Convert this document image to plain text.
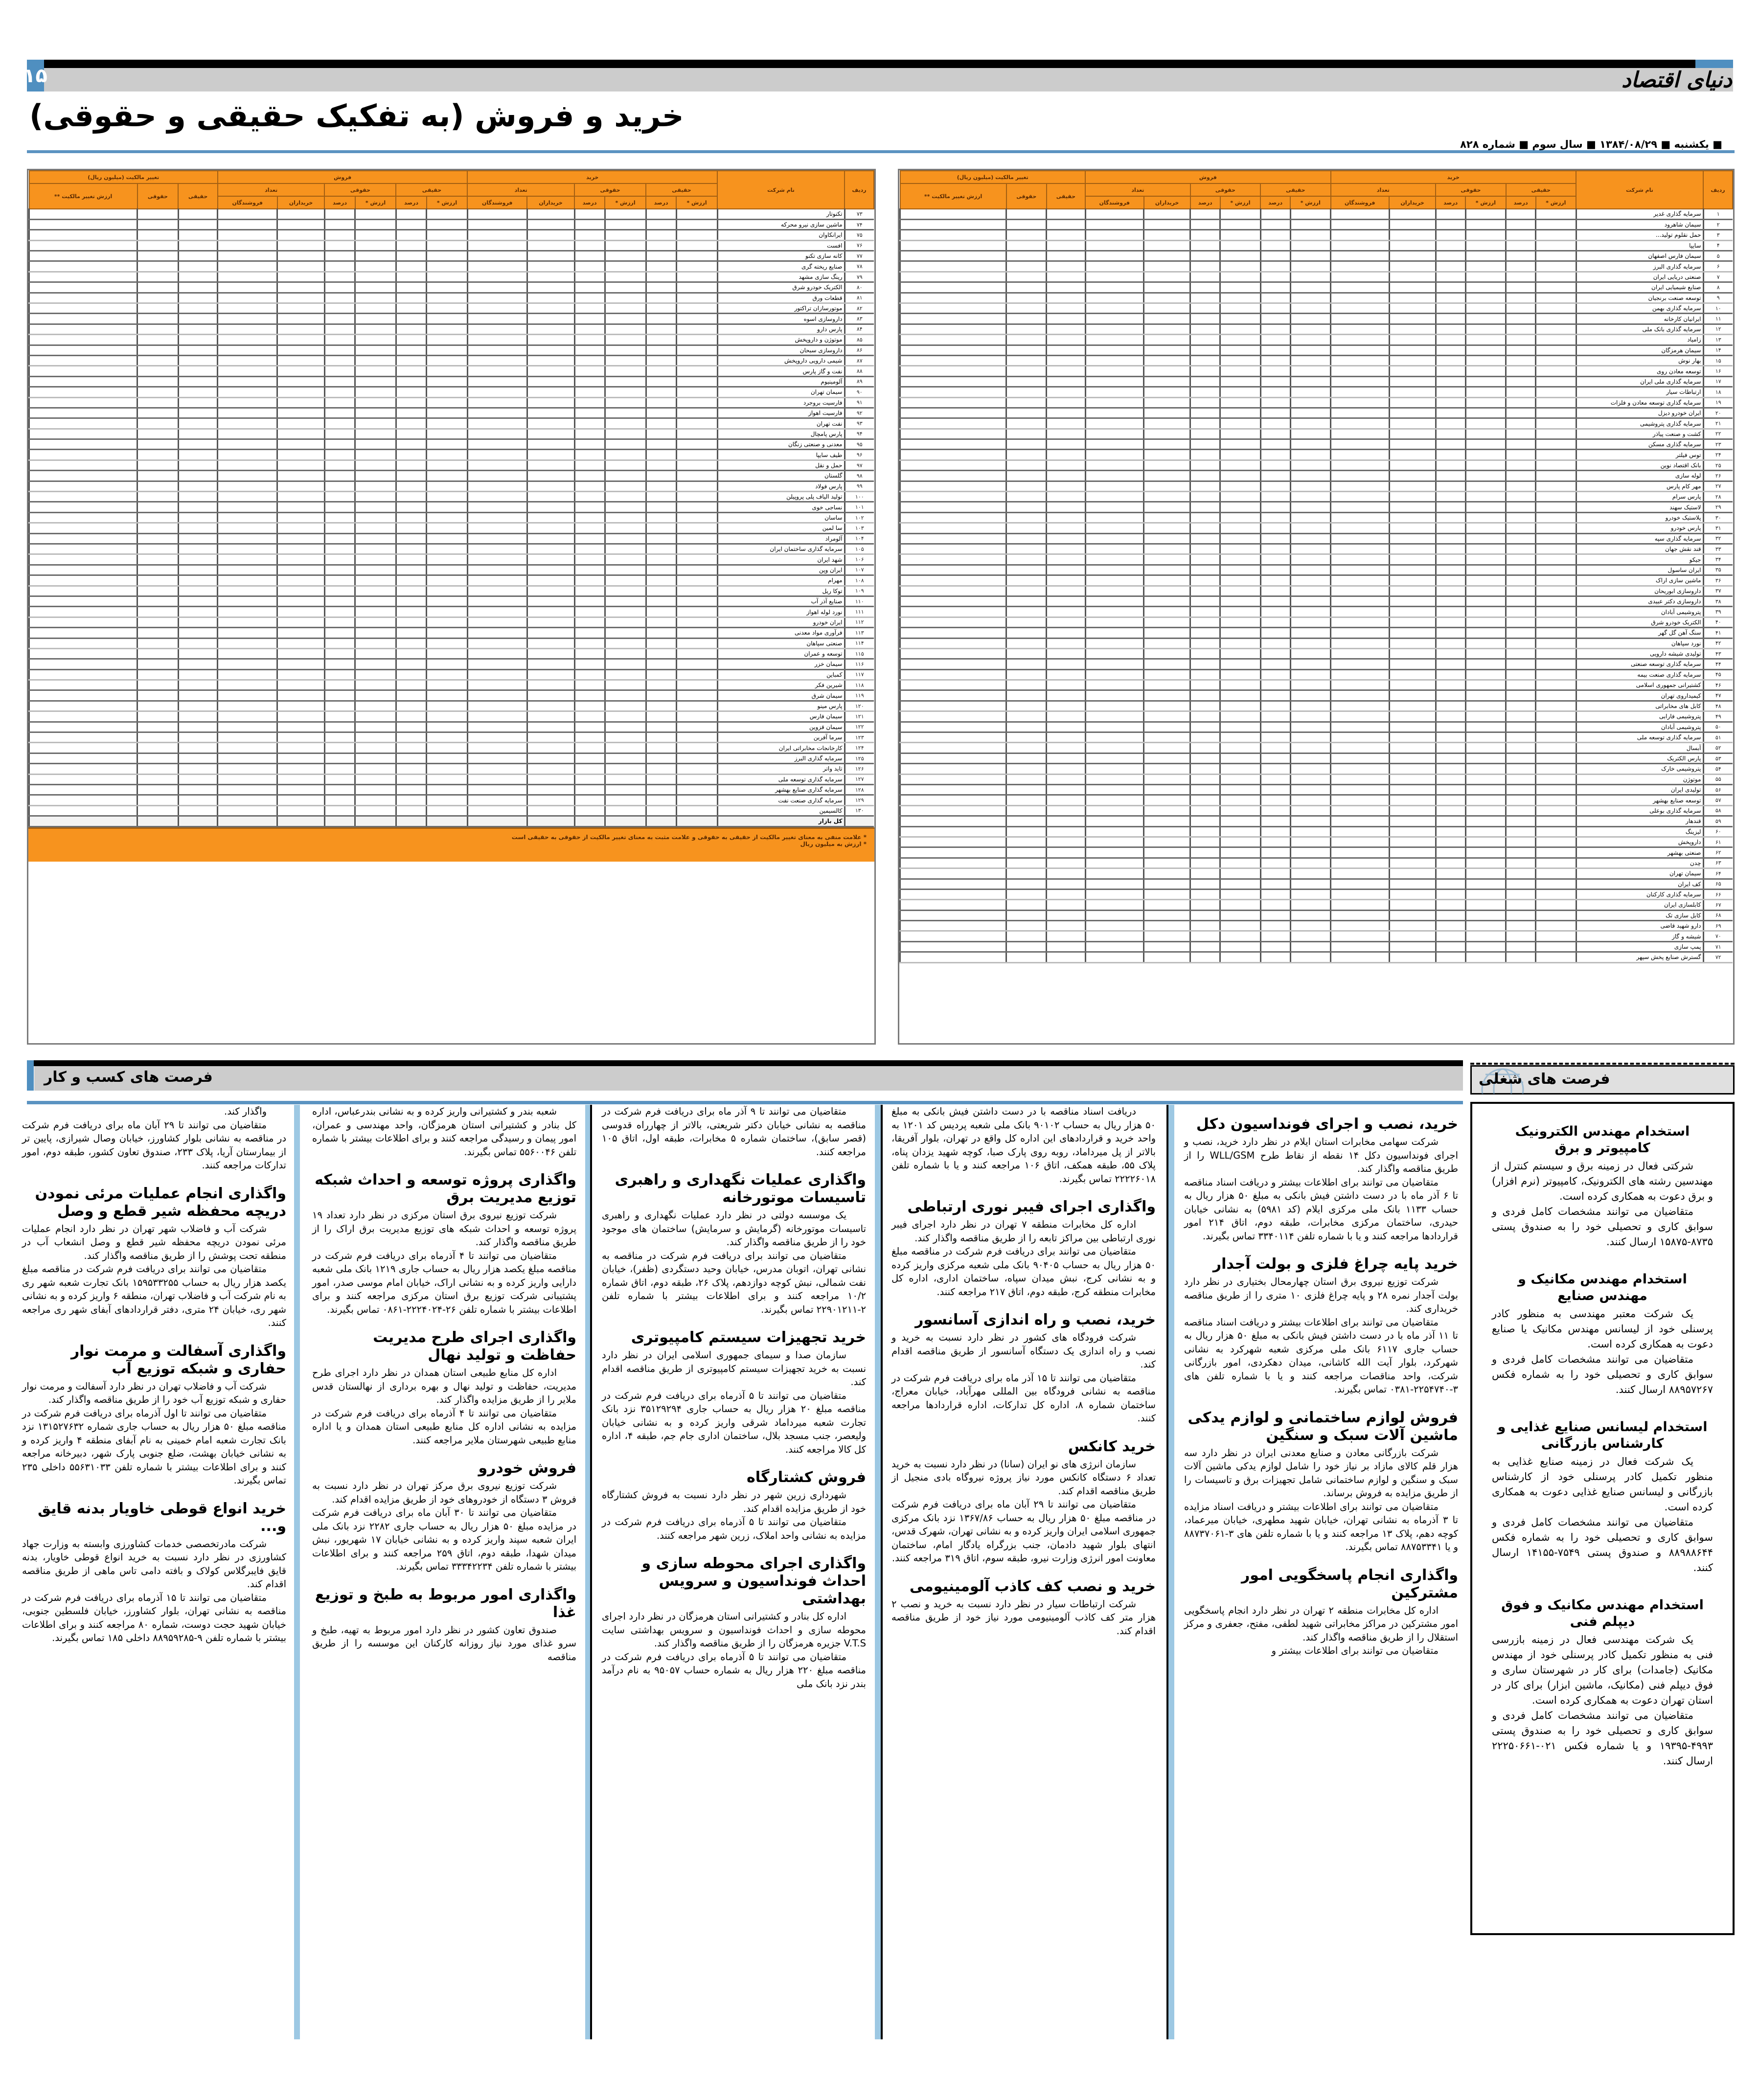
۱۵	دنیای اقتصاد
خرید و فروش (به تفکیک حقیقی و حقوقی)
■ یکشنبه ■ ۱۳۸۴/۰۸/۲۹ ■ سال سوم ■ شماره ۸۲۸
ردیف	نام شرکت	خرید						فروش						تغییر مالکیت (میلیون ریال)		
		حقیقی		حقوقی		تعداد		حقیقی		حقوقی		تعداد		حقیقی	حقوقی	ارزش تغییر مالکیت **
		ارزش *	درصد	ارزش *	درصد	خریداران	فروشندگان	ارزش *	درصد	ارزش *	درصد	خریداران	فروشندگان			
۱	سرمایه گذاری غدیر															
۲	سیمان شاهرود															
۳	حمل نقلوم تولید...															
۴	سایپا															
۵	سیمان فارس اصفهان															
۶	سرمایه گذاری البرز															
۷	صنعتی دریایی ایران															
۸	صنایع شیمیایی ایران															
۹	توسعه صنعت برنجیان															
۱۰	سرمایه گذاری بهمن															
۱۱	ایرانیان کارخانه															
۱۲	سرمایه گذاری بانک ملی															
۱۳	زامیاد															
۱۴	سیمان هرمزگان															
۱۵	بهار نوش															
۱۶	توسعه معادن روی															
۱۷	سرمایه گذاری ملی ایران															
۱۸	ارتباطات سیار															
۱۹	سرمایه گذاری توسعه معادن و فلزات															
۲۰	ایران خودرو دیزل															
۲۱	سرمایه گذاری پتروشیمی															
۲۲	کشت و صنعت پیاذر															
۲۳	سرمایه گذاری مسکن															
۲۴	توس فیلتر															
۲۵	بانک اقتصاد نوین															
۲۶	لوله سازی															
۲۷	مهر کام پارس															
۲۸	پارس سرام															
۲۹	لاستیک سهند															
۳۰	پلاستیک خودرو															
۳۱	پارس خودرو															
۳۲	سرمایه گذاری سپه															
۳۳	قند نقش جهان															
۳۴	جیکو															
۳۵	ایران ساسول															
۳۶	ماشین سازی اراک															
۳۷	داروسازی ابوریحان															
۳۸	داروسازی دکتر عبیدی															
۳۹	پتروشیمی آبادان															
۴۰	الکتریک خودرو شرق															
۴۱	سنگ آهن گل گهر															
۴۲	نورد سپاهان															
۴۳	تولیدی شیشه دارویی															
۴۴	سرمایه گذاری توسعه صنعتی															
۴۵	سرمایه گذاری صنعت بیمه															
۴۶	کشتیرانی جمهوری اسلامی															
۴۷	کیمیداروی تهران															
۴۸	کابل های مخابراتی															
۴۹	پتروشیمی فارابی															
۵۰	پتروشیمی آبادان															
۵۱	سرمایه گذاری توسعه ملی															
۵۲	آبسال															
۵۳	پارس الکتریک															
۵۴	پتروشیمی خارک															
۵۵	موتوژن															
۵۶	تولیدی ایران															
۵۷	توسعه صنایع بهشهر															
۵۸	سرمایه گذاری بوعلی															
۵۹	قندهار															
۶۰	لیزینگ															
۶۱	داروپخش															
۶۲	صنعتی بهشهر															
۶۳	چدن															
۶۴	سیمان تهران															
۶۵	کف ایران															
۶۶	سرمایه گذاری کارکنان															
۶۷	کابلسازی ایران															
۶۸	کابل سازی تک															
۶۹	دارو شهید قاضی															
۷۰	شیشه و گاز															
۷۱	پمپ سازی															
۷۲	گسترش صنایع پخش سپهر															
ردیف	نام شرکت	خرید						فروش						تغییر مالکیت (میلیون ریال)		
		حقیقی		حقوقی		تعداد		حقیقی		حقوقی		تعداد		حقیقی	حقوقی	ارزش تغییر مالکیت **
		ارزش *	درصد	ارزش *	درصد	خریداران	فروشندگان	ارزش *	درصد	ارزش *	درصد	خریداران	فروشندگان			
۷۳	تکنوتار															
۷۴	ماشین سازی نیرو محرکه															
۷۵	ایرانکاوان															
۷۶	افست															
۷۷	کانه سازی تکنو															
۷۸	صنایع ریخته گری															
۷۹	رینگ سازی مشهد															
۸۰	الکتریک خودرو شرق															
۸۱	قطعات ورق															
۸۲	موتورسازان تراکتور															
۸۳	داروسازی اسوه															
۸۴	پارس دارو															
۸۵	موتوژن و داروپخش															
۸۶	داروسازی سبحان															
۸۷	شیمی دارویی داروپخش															
۸۸	نفت و گاز پارس															
۸۹	آلومینیوم															
۹۰	سیمان تهران															
۹۱	فارسیت بروجرد															
۹۲	فارسیت اهواز															
۹۳	نفت تهران															
۹۴	پارس پامچال															
۹۵	معدنی و صنعتی زنگان															
۹۶	طیف سایپا															
۹۷	حمل و نقل															
۹۸	گلستان															
۹۹	پارس فولاد															
۱۰۰	تولید الیاف پلی پروپیلن															
۱۰۱	نساجی خوی															
۱۰۲	ساسان															
۱۰۳	سا لمین															
۱۰۴	آلومراد															
۱۰۵	سرمایه گذاری ساختمان ایران															
۱۰۶	شهد ایران															
۱۰۷	ایران وپن															
۱۰۸	مهرام															
۱۰۹	توکا ریل															
۱۱۰	صنایع آذر آب															
۱۱۱	نورد لوله اهواز															
۱۱۲	ایران خودرو															
۱۱۳	فرآوری مواد معدنی															
۱۱۴	صنعتی سپاهان															
۱۱۵	توسعه و عمران															
۱۱۶	سیمان خزر															
۱۱۷	کمباین															
۱۱۸	شیرین فکر															
۱۱۹	سیمان شرق															
۱۲۰	پارس مینو															
۱۲۱	سیمان فارس															
۱۲۲	سیمان قزوین															
۱۲۳	سرما آفرین															
۱۲۴	کارخانجات مخابراتی ایران															
۱۲۵	سرمایه گذاری البرز															
۱۲۶	تاید واتر															
۱۲۷	سرمایه گذاری توسعه ملی															
۱۲۸	سرمایه گذاری صنایع بهشهر															
۱۲۹	سرمایه گذاری صنعت نفت															
۱۳۰	کالسیمین															
	کل بازار															
* علامت منفی به معنای تغییر مالکیت از حقیقی به حقوقی و علامت مثبت به معنای تغییر مالکیت از حقوقی به حقیقی است
* ارزش به میلیون ریال
فرصت های کسب و کار	فرصت های شغلی
استخدام مهندس الکترونیک کامپیوتر و برق

شرکتی فعال در زمینه برق و سیستم کنترل از مهندسین رشته های الکترونیک، کامپیوتر (نرم افزار) و برق دعوت به همکاری کرده است.

متقاضیان می توانند مشخصات کامل فردی و سوابق کاری و تحصیلی خود را به صندوق پستی ۸۷۳۵-۱۵۸۷۵ ارسال کنند.

استخدام مهندس مکانیک و مهندس صنایع

یک شرکت معتبر مهندسی به منظور کادر پرسنلی خود از لیسانس مهندس مکانیک یا صنایع دعوت به همکاری کرده است.

متقاضیان می توانند مشخصات کامل فردی و سوابق کاری و تحصیلی خود را به شماره فکس ۸۸۹۵۷۲۶۷ ارسال کنند.

استخدام لیسانس صنایع غذایی و کارشناس بازرگانی

یک شرکت فعال در زمینه صنایع غذایی به منظور تکمیل کادر پرسنلی خود از کارشناس بازرگانی و لیسانس صنایع غذایی دعوت به همکاری کرده است.

متقاضیان می توانند مشخصات کامل فردی و سوابق کاری و تحصیلی خود را به شماره فکس ۸۸۹۸۸۶۴۴ و صندوق پستی ۷۵۴۹-۱۴۱۵۵ ارسال کنند.

استخدام مهندس مکانیک و فوق دیپلم فنی

یک شرکت مهندسی فعال در زمینه بازرسی فنی به منظور تکمیل کادر پرسنلی خود از مهندس مکانیک (جامدات) برای کار در شهرستان ساری و فوق دیپلم فنی (مکانیک، ماشین ابزار) برای کار در استان تهران دعوت به همکاری کرده است.

متقاضیان می توانند مشخصات کامل فردی و سوابق کاری و تحصیلی خود را به صندوق پستی ۴۹۹۳-۱۹۳۹۵ و یا شماره فکس ۰۲۱-۲۲۲۵۰۶۶۱ ارسال کنند.

خرید، نصب و اجرای فونداسیون دکل

شرکت سهامی مخابرات استان ایلام در نظر دارد خرید، نصب و اجرای فونداسیون دکل ۱۴ نقطه از نقاط طرح WLL/GSM را از طریق مناقصه واگذار کند.

متقاضیان می توانند برای اطلاعات بیشتر و دریافت اسناد مناقصه تا ۶ آذر ماه با در دست داشتن فیش بانکی به مبلغ ۵۰ هزار ریال به حساب ۱۱۳۳ بانک ملی مرکزی ایلام (کد ۵۹۸۱) به نشانی خیابان حیدری، ساختمان مرکزی مخابرات، طبقه دوم، اتاق ۲۱۴ امور قراردادها مراجعه کنند و یا با شماره تلفن ۳۳۴۰۱۱۴ تماس بگیرند.

خرید پایه چراغ فلزی و بولت آجدار

شرکت توزیع نیروی برق استان چهارمحال بختیاری در نظر دارد بولت آجدار نمره ۲۸ و پایه چراغ فلزی ۱۰ متری را از طریق مناقصه خریداری کند.

متقاضیان می توانند برای اطلاعات بیشتر و دریافت اسناد مناقصه تا ۱۱ آذر ماه با در دست داشتن فیش بانکی به مبلغ ۵۰ هزار ریال به حساب جاری ۶۱۱۷ بانک ملی مرکزی شعبه شهرکرد به نشانی شهرکرد، بلوار آیت الله کاشانی، میدان دهکردی، امور بازرگانی شرکت، واحد مناقصات مراجعه کنند و یا با شماره تلفن های ۳-۲۲۵۴۷۴۰-۰۳۸۱ تماس بگیرند.

فروش لوازم ساختمانی و لوازم یدکی ماشین آلات سبک و سنگین

شرکت بازرگانی معادن و صنایع معدنی ایران در نظر دارد سه هزار قلم کالای مازاد بر نیاز خود را شامل لوازم یدکی ماشین آلات سبک و سنگین و لوازم ساختمانی شامل تجهیزات برق و تاسیسات را از طریق مزایده به فروش برساند.

متقاضیان می توانند برای اطلاعات بیشتر و دریافت اسناد مزایده تا ۳ آذرماه به نشانی تهران، خیابان شهید مطهری، خیابان میرعماد، کوچه دهم، پلاک ۱۳ مراجعه کنند و یا با شماره تلفن های ۳-۸۸۷۳۷۰۶۱ و یا ۸۸۷۵۳۳۴۱ تماس بگیرند.

واگذاری انجام پاسخگویی امور مشترکین

اداره کل مخابرات منطقه ۲ تهران در نظر دارد انجام پاسخگویی امور مشترکین در مراکز مخابراتی شهید لطفی، مفتح، جعفری و مرکز استقلال را از طریق مناقصه واگذار کند.

متقاضیان می توانند برای اطلاعات بیشتر و

دریافت اسناد مناقصه با در دست داشتن فیش بانکی به مبلغ ۵۰ هزار ریال به حساب ۹۰۱۰۲ بانک ملی شعبه پردیس کد ۱۲۰۱ به واحد خرید و قراردادهای این اداره کل واقع در تهران، بلوار آفریقا، بالاتر از پل میرداماد، روبه روی پارک صبا، کوچه شهید یزدان پناه، پلاک ۵۵، طبقه همکف، اتاق ۱۰۶ مراجعه کنند و یا با شماره تلفن ۲۲۲۲۶۰۱۸ تماس بگیرند.

واگذاری اجرای فیبر نوری ارتباطی

اداره کل مخابرات منطقه ۷ تهران در نظر دارد اجرای فیبر نوری ارتباطی بین مراکز تابعه را از طریق مناقصه واگذار کند.

متقاضیان می توانند برای دریافت فرم شرکت در مناقصه مبلغ ۵۰ هزار ریال به حساب ۹۰۴۰۵ بانک ملی شعبه مرکزی واریز کرده و به نشانی کرج، نبش میدان سپاه، ساختمان اداری، اداره کل مخابرات منطقه کرج، طبقه دوم، اتاق ۲۱۷ مراجعه کنند.

خرید، نصب و راه اندازی آسانسور

شرکت فرودگاه های کشور در نظر دارد نسبت به خرید و نصب و راه اندازی یک دستگاه آسانسور از طریق مناقصه اقدام کند.

متقاضیان می توانند تا ۱۵ آذر ماه برای دریافت فرم شرکت در مناقصه به نشانی فرودگاه بین المللی مهرآباد، خیابان معراج، ساختمان شماره ۸، اداره کل تدارکات، اداره قراردادها مراجعه کنند.

خرید کانکس

سازمان انرژی های نو ایران (سانا) در نظر دارد نسبت به خرید تعداد ۶ دستگاه کانکس مورد نیاز پروژه نیروگاه بادی منجیل از طریق مناقصه اقدام کند.

متقاضیان می توانند تا ۲۹ آبان ماه برای دریافت فرم شرکت در مناقصه مبلغ ۵۰ هزار ریال به حساب ۱۳۶۷/۸۶ نزد بانک مرکزی جمهوری اسلامی ایران واریز کرده و به نشانی تهران، شهرک قدس، انتهای بلوار شهید دادمان، جنب بزرگراه یادگار امام، ساختمان معاونت امور انرژی وزارت نیرو، طبقه سوم، اتاق ۳۱۹ مراجعه کنند.

خرید و نصب کف کاذب آلومینیومی

شرکت ارتباطات سیار در نظر دارد نسبت به خرید و نصب ۲ هزار متر کف کاذب آلومینیومی مورد نیاز خود از طریق مناقصه اقدام کند.

متقاضیان می توانند تا ۹ آذر ماه برای دریافت فرم شرکت در مناقصه به نشانی خیابان دکتر شریعتی، بالاتر از چهارراه قدوسی (قصر سابق)، ساختمان شماره ۵ مخابرات، طبقه اول، اتاق ۱۰۵ مراجعه کنند.

واگذاری عملیات نگهداری و راهبری تاسیسات موتورخانه

یک موسسه دولتی در نظر دارد عملیات نگهداری و راهبری تاسیسات موتورخانه (گرمایش و سرمایش) ساختمان های موجود خود را از طریق مناقصه واگذار کند.

متقاضیان می توانند برای دریافت فرم شرکت در مناقصه به نشانی تهران، اتوبان مدرس، خیابان وحید دستگردی (ظفر)، خیابان نفت شمالی، نبش کوچه دوازدهم، پلاک ۲۶، طبقه دوم، اتاق شماره ۱۰/۲ مراجعه کنند و برای اطلاعات بیشتر با شماره تلفن ۲-۲۲۹۰۱۲۱۱ تماس بگیرند.

خرید تجهیزات سیستم کامپیوتری

سازمان صدا و سیمای جمهوری اسلامی ایران در نظر دارد نسبت به خرید تجهیزات سیستم کامپیوتری از طریق مناقصه اقدام کند.

متقاضیان می توانند تا ۵ آذرماه برای دریافت فرم شرکت در مناقصه مبلغ ۲۰ هزار ریال به حساب جاری ۳۵۱۲۹۲۹۴ نزد بانک تجارت شعبه میرداماد شرقی واریز کرده و به نشانی خیابان ولیعصر، جنب مسجد بلال، ساختمان اداری جام جم، طبقه ۴، اداره کل کالا مراجعه کنند.

فروش کشتارگاه

شهرداری زرین شهر در نظر دارد نسبت به فروش کشتارگاه خود از طریق مزایده اقدام کند.

متقاضیان می توانند تا ۵ آذرماه برای دریافت فرم شرکت در مزایده به نشانی واحد املاک، زرین شهر مراجعه کنند.

واگذاری اجرای محوطه سازی و احداث فونداسیون و سرویس بهداشتی

اداره کل بنادر و کشتیرانی استان هرمزگان در نظر دارد اجرای محوطه سازی و احداث فونداسیون و سرویس بهداشتی سایت V.T.S جزیره هرمزگان را از طریق مناقصه واگذار کند.

متقاضیان می توانند تا ۵ آذرماه برای دریافت فرم شرکت در مناقصه مبلغ ۲۲۰ هزار ریال به شماره حساب ۹۵۰۵۷ به نام درآمد بندر نزد بانک ملی

شعبه بندر و کشتیرانی واریز کرده و به نشانی بندرعباس، اداره کل بنادر و کشتیرانی استان هرمزگان، واحد مهندسی و عمران، امور پیمان و رسیدگی مراجعه کنند و برای اطلاعات بیشتر با شماره تلفن ۵۵۶۰۰۴۶ تماس بگیرند.

واگذاری پروژه توسعه و احداث شبکه توزیع مدیریت برق

شرکت توزیع نیروی برق استان مرکزی در نظر دارد تعداد ۱۹ پروژه توسعه و احداث شبکه های توزیع مدیریت برق اراک را از طریق مناقصه واگذار کند.

متقاضیان می توانند تا ۴ آذرماه برای دریافت فرم شرکت در مناقصه مبلغ یکصد هزار ریال به حساب جاری ۱۲۱۹ بانک ملی شعبه دارایی واریز کرده و به نشانی اراک، خیابان امام موسی صدر، امور پشتیبانی شرکت توزیع برق استان مرکزی مراجعه کنند و برای اطلاعات بیشتر با شماره تلفن ۲۶-۲۲۲۴۰۲۴-۰۸۶۱ تماس بگیرند.

واگذاری اجرای طرح مدیریت حفاظت و تولید نهال

اداره کل منابع طبیعی استان همدان در نظر دارد اجرای طرح مدیریت، حفاظت و تولید نهال و بهره برداری از نهالستان قدس ملایر را از طریق مزایده واگذار کند.

متقاضیان می توانند تا ۴ آذرماه برای دریافت فرم شرکت در مزایده به نشانی اداره کل منابع طبیعی استان همدان و یا اداره منابع طبیعی شهرستان ملایر مراجعه کنند.

فروش خودرو

شرکت توزیع نیروی برق مرکز تهران در نظر دارد نسبت به فروش ۳ دستگاه از خودروهای خود از طریق مزایده اقدام کند.

متقاضیان می توانند تا ۳۰ آبان ماه برای دریافت فرم شرکت در مزایده مبلغ ۵۰ هزار ریال به حساب جاری ۲۲۸۲ نزد بانک ملی ایران شعبه سپند واریز کرده و به نشانی خیابان ۱۷ شهریور، نبش میدان شهدا، طبقه دوم، اتاق ۲۵۹ مراجعه کنند و برای اطلاعات بیشتر با شماره تلفن ۳۳۳۴۲۲۳۴ تماس بگیرند.

واگذاری امور مربوط به طبخ و توزیع غذا

صندوق تعاون کشور در نظر دارد امور مربوط به تهیه، طبخ و سرو غذای مورد نیاز روزانه کارکنان این موسسه را از طریق مناقصه

واگذار کند.

متقاضیان می توانند تا ۲۹ آبان ماه برای دریافت فرم شرکت در مناقصه به نشانی بلوار کشاورز، خیابان وصال شیرازی، پایین تر از بیمارستان آریا، پلاک ۲۳۳، صندوق تعاون کشور، طبقه دوم، امور تدارکات مراجعه کنند.

واگذاری انجام عملیات مرئی نمودن دریچه محفظه شیر قطع و وصل

شرکت آب و فاضلاب شهر تهران در نظر دارد انجام عملیات مرئی نمودن دریچه محفظه شیر قطع و وصل انشعاب آب در منطقه تحت پوشش را از طریق مناقصه واگذار کند.

متقاضیان می توانند برای دریافت فرم شرکت در مناقصه مبلغ یکصد هزار ریال به حساب ۱۵۹۵۳۳۲۵۵ بانک تجارت شعبه شهر ری به نام شرکت آب و فاضلاب تهران، منطقه ۶ واریز کرده و به نشانی شهر ری، خیابان ۲۴ متری، دفتر قراردادهای آبفای شهر ری مراجعه کنند.

واگذاری آسفالت و مرمت نوار حفاری و شبکه توزیع آب

شرکت آب و فاضلاب تهران در نظر دارد آسفالت و مرمت نوار حفاری و شبکه توزیع آب خود را از طریق مناقصه واگذار کند.

متقاضیان می توانند تا اول آذرماه برای دریافت فرم شرکت در مناقصه مبلغ ۵۰ هزار ریال به حساب جاری شماره ۱۳۱۵۲۷۶۳۲ نزد بانک تجارت شعبه امام خمینی به نام آبفای منطقه ۴ واریز کرده و به نشانی خیابان بهشت، ضلع جنوبی پارک شهر، دبیرخانه مراجعه کنند و برای اطلاعات بیشتر با شماره تلفن ۵۵۶۳۱۰۳۳ داخلی ۲۳۵ تماس بگیرند.

خرید انواع قوطی خاویار بدنه قایق و...

شرکت مادرتخصصی خدمات کشاورزی وابسته به وزارت جهاد کشاورزی در نظر دارد نسبت به خرید انواع قوطی خاویار، بدنه قایق فایبرگلاس کولاک و بافته دامی تاس ماهی از طریق مناقصه اقدام کند.

متقاضیان می توانند تا ۱۵ آذرماه برای دریافت فرم شرکت در مناقصه به نشانی تهران، بلوار کشاورز، خیابان فلسطین جنوبی، خیابان شهید حجت دوست، شماره ۸۰ مراجعه کنند و برای اطلاعات بیشتر با شماره تلفن ۹-۸۸۹۵۹۲۸۵ داخلی ۱۸۵ تماس بگیرند.
